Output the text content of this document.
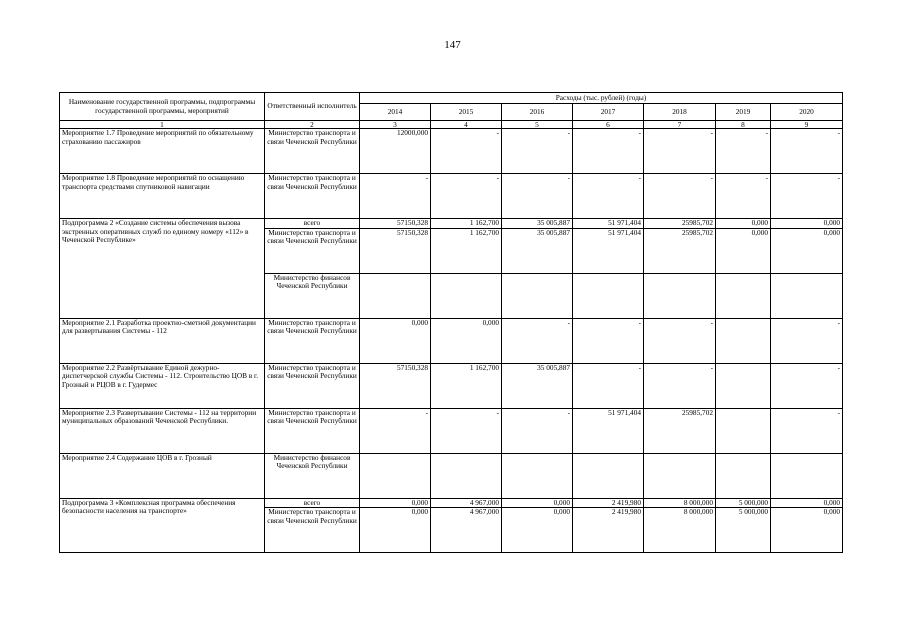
147
Наименование государственной программы, подпрограммы государственной программы, мероприятий	Ответственный исполнитель	Расходы (тыс. рублей) (годы)						
		2014	2015	2016	2017	2018	2019	2020
1	2	3	4	5	6	7	8	9
Мероприятие 1.7 Проведение мероприятий по обязательному страхованию пассажиров	Министерство транспорта и связи Чеченской Республики	12000,000	-	-	-	-	-	-
Мероприятие 1.8 Проведение мероприятий по оснащению транспорта средствами спутниковой навигации	Министерство транспорта и связи Чеченской Республики	-	-	-	-	-	-	-
Подпрограмма 2 «Создание системы обеспечения вызова экстренных оперативных служб по единому номеру «112» в Чеченской Республике»	всего	57150,328	1 162,700	35 005,887	51 971,404	25985,702	0,000	0,000
	Министерство транспорта и связи Чеченской Республики	57150,328	1 162,700	35 005,887	51 971,404	25985,702	0,000	0,000
	Министерство финансов Чеченской Республики							
Мероприятие 2.1 Разработка проектно-сметной документации для развертывания Системы - 112	Министерство транспорта и связи Чеченской Республики	0,000	0,000	-	-	-		-
Мероприятие 2.2 Развёртывание Единой дежурно-диспетчерской службы Системы - 112. Строительство ЦОВ в г. Грозный и РЦОВ в г. Гудермес	Министерство транспорта и связи Чеченской Республики	57150,328	1 162,700	35 005,887	-	-		-
Мероприятие 2.3 Развертывание Системы - 112 на территории муниципальных образований Чеченской Республики.	Министерство транспорта и связи Чеченской Республики	-	-	-	51 971,404	25985,702		-
Мероприятие 2.4 Содержание ЦОВ в г. Грозный	Министерство финансов Чеченской Республики							
Подпрограмма 3 «Комплексная программа обеспечения безопасности населения на транспорте»	всего	0,000	4 967,000	0,000	2 419,980	8 000,000	5 000,000	0,000
	Министерство транспорта и связи Чеченской Республики	0,000	4 967,000	0,000	2 419,980	8 000,000	5 000,000	0,000
